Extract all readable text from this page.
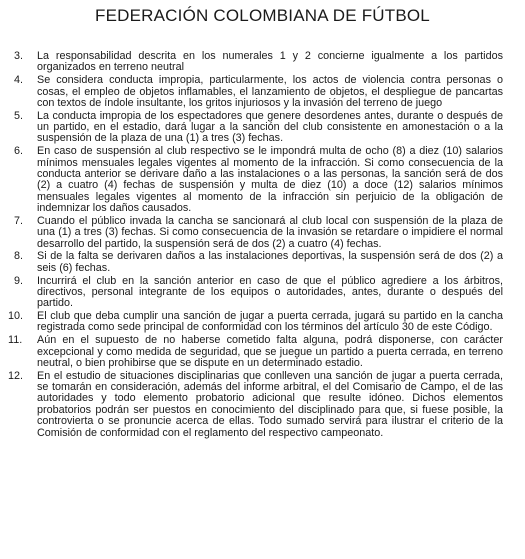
FEDERACIÓN COLOMBIANA DE FÚTBOL
3.	La responsabilidad descrita en los numerales 1 y 2 concierne igualmente a los partidos organizados en terreno neutral
4.	Se considera conducta impropia, particularmente, los actos de violencia contra personas o cosas, el empleo de objetos inflamables, el lanzamiento de objetos, el despliegue de pancartas con textos de índole insultante, los gritos injuriosos y la invasión del terreno de juego
5.	La conducta impropia de los espectadores que genere desordenes antes, durante o después de un partido, en el estadio, dará lugar a la sanción del club consistente en amonestación o a la suspensión de la plaza de una (1) a tres (3) fechas.
6.	En caso de suspensión al club respectivo se le impondrá multa de ocho (8) a diez (10) salarios mínimos mensuales legales vigentes al momento de la infracción. Si como consecuencia de la conducta anterior se derivare daño a las instalaciones o a las personas, la sanción será de dos (2) a cuatro (4) fechas de suspensión y multa de diez (10) a doce (12) salarios mínimos mensuales legales vigentes al momento de la infracción sin perjuicio de la obligación de indemnizar los daños causados.
7.	Cuando el público invada la cancha se sancionará al club local con suspensión de la plaza de una (1) a tres (3) fechas. Si como consecuencia de la invasión se retardare o impidiere el normal desarrollo del partido, la suspensión será de dos (2) a cuatro (4) fechas.
8.	Si de la falta se derivaren daños a las instalaciones deportivas, la suspensión será de dos (2) a seis (6) fechas.
9.	Incurrirá el club en la sanción anterior en caso de que el público agrediere a los árbitros, directivos, personal integrante de los equipos o autoridades, antes, durante o después del partido.
10.	El club que deba cumplir una sanción de jugar a puerta cerrada, jugará su partido en la cancha registrada como sede principal de conformidad con los términos del artículo 30 de este Código.
11.	Aún en el supuesto de no haberse cometido falta alguna, podrá disponerse, con carácter excepcional y como medida de seguridad, que se juegue un partido a puerta cerrada, en terreno neutral, o bien prohibirse que se dispute en un determinado estadio.
12.	En el estudio de situaciones disciplinarias que conlleven una sanción de jugar a puerta cerrada, se tomarán en consideración, además del informe arbitral, el del Comisario de Campo, el de las autoridades y todo elemento probatorio adicional que resulte idóneo. Dichos elementos probatorios podrán ser puestos en conocimiento del disciplinado para que, si fuese posible, la controvierta o se pronuncie acerca de ellas. Todo sumado servirá para ilustrar el criterio de la Comisión de conformidad con el reglamento del respectivo campeonato.
